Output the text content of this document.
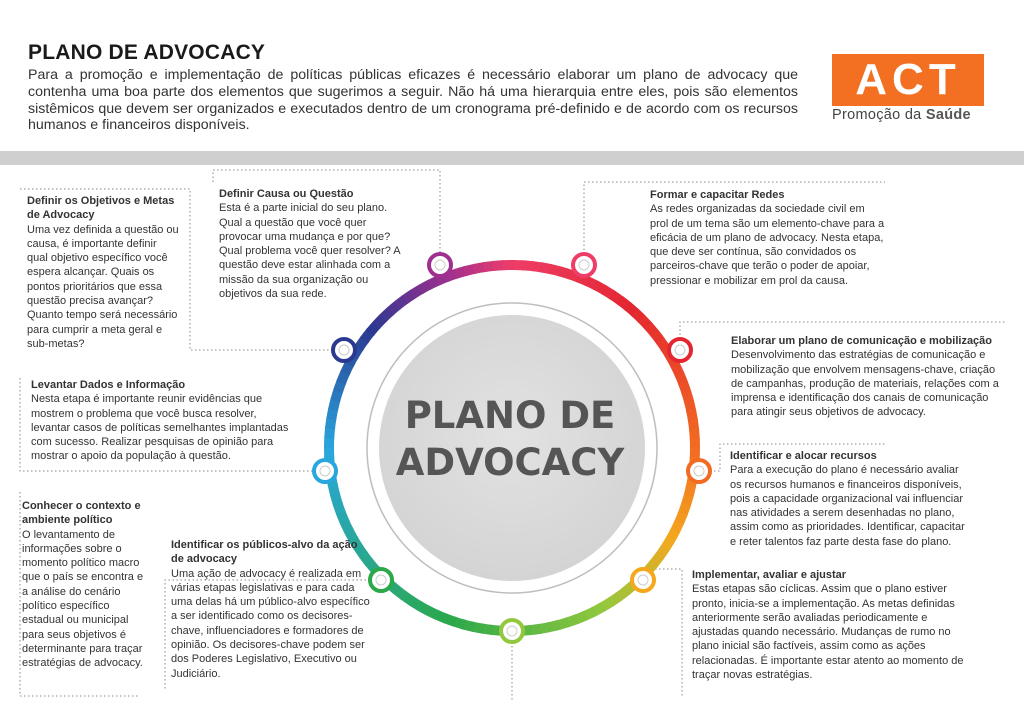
PLANO DE ADVOCACY

Para a promoção e implementação de políticas públicas eficazes é necessário elaborar um plano de advocacy que contenha uma boa parte dos elementos que sugerimos a seguir. Não há uma hierarquia entre eles, pois são elementos sistêmicos que devem ser organizados e executados dentro de um cronograma pré-definido e de acordo com os recursos humanos e financeiros disponíveis.

ACT
Promoção da Saúde
PLANO DE
ADVOCACY
Definir os Objetivos e Metas de Advocacy

Uma vez definida a questão ou causa, é importante definir qual objetivo específico você espera alcançar. Quais os pontos prioritários que essa questão precisa avançar? Quanto tempo será necessário para cumprir a meta geral e sub-metas?

Definir Causa ou Questão

Esta é a parte inicial do seu plano. Qual a questão que você quer provocar uma mudança e por que? Qual problema você quer resolver? A questão deve estar alinhada com a missão da sua organização ou objetivos da sua rede.

Formar e capacitar Redes

As redes organizadas da sociedade civil em prol de um tema são um elemento-chave para a eficácia de um plano de advocacy. Nesta etapa, que deve ser contínua, são convidados os parceiros-chave que terão o poder de apoiar, pressionar e mobilizar em prol da causa.

Elaborar um plano de comunicação e mobilização

Desenvolvimento das estratégias de comunicação e mobilização que envolvem mensagens-chave, criação de campanhas, produção de materiais, relações com a imprensa e identificação dos canais de comunicação para atingir seus objetivos de advocacy.

Levantar Dados e Informação

Nesta etapa é importante reunir evidências que mostrem o problema que você busca resolver, levantar casos de políticas semelhantes implantadas com sucesso. Realizar pesquisas de opinião para mostrar o apoio da população à questão.	Identificar e alocar recursos

Para a execução do plano é necessário avaliar os recursos humanos e financeiros disponíveis, pois a capacidade organizacional vai influenciar nas atividades a serem desenhadas no plano, assim como as prioridades. Identificar, capacitar e reter talentos faz parte desta fase do plano.

Conhecer o contexto e ambiente político

O levantamento de informações sobre o momento político macro que o país se encontra e a análise do cenário político específico estadual ou municipal para seus objetivos é determinante para traçar estratégias de advocacy.

Identificar os públicos-alvo da ação de advocacy

Uma ação de advocacy é realizada em várias etapas legislativas e para cada uma delas há um público-alvo específico a ser identificado como os decisores-chave, influenciadores e formadores de opinião. Os decisores-chave podem ser dos Poderes Legislativo, Executivo ou Judiciário.

Implementar, avaliar e ajustar

Estas etapas são cíclicas. Assim que o plano estiver pronto, inicia-se a implementação. As metas definidas anteriormente serão avaliadas periodicamente e ajustadas quando necessário. Mudanças de rumo no plano inicial são factíveis, assim como as ações relacionadas. É importante estar atento ao momento de traçar novas estratégias.
